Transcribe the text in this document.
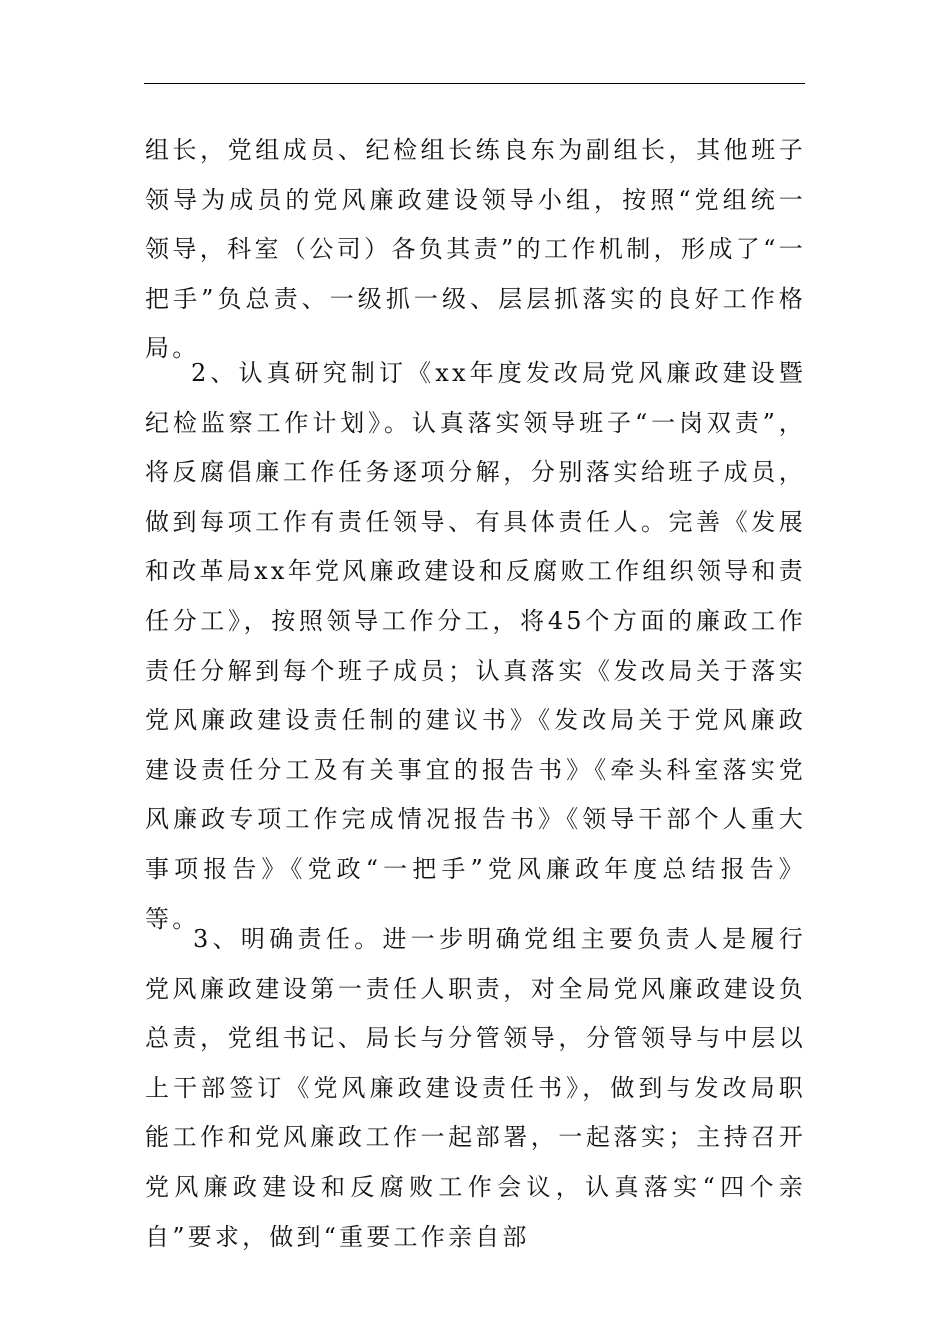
组长，党组成员、纪检组长练良东为副组长，其他班子领导为成员的党风廉政建设领导小组，按照“党组统一领导，科室（公司）各负其责”的工作机制，形成了“一把手”负总责、一级抓一级、层层抓落实的良好工作格局。

2、认真研究制订《xx年度发改局党风廉政建设暨纪检监察工作计划》。认真落实领导班子“一岗双责”，将反腐倡廉工作任务逐项分解，分别落实给班子成员，做到每项工作有责任领导、有具体责任人。完善《发展和改革局xx年党风廉政建设和反腐败工作组织领导和责任分工》，按照领导工作分工，将45个方面的廉政工作责任分解到每个班子成员；认真落实《发改局关于落实党风廉政建设责任制的建议书》《发改局关于党风廉政建设责任分工及有关事宜的报告书》《牵头科室落实党风廉政专项工作完成情况报告书》《领导干部个人重大事项报告》《党政“一把手”党风廉政年度总结报告》等。

3、明确责任。进一步明确党组主要负责人是履行党风廉政建设第一责任人职责，对全局党风廉政建设负总责，党组书记、局长与分管领导，分管领导与中层以上干部签订《党风廉政建设责任书》，做到与发改局职能工作和党风廉政工作一起部署，一起落实；主持召开党风廉政建设和反腐败工作会议，认真落实“四个亲自”要求，做到“重要工作亲自部
